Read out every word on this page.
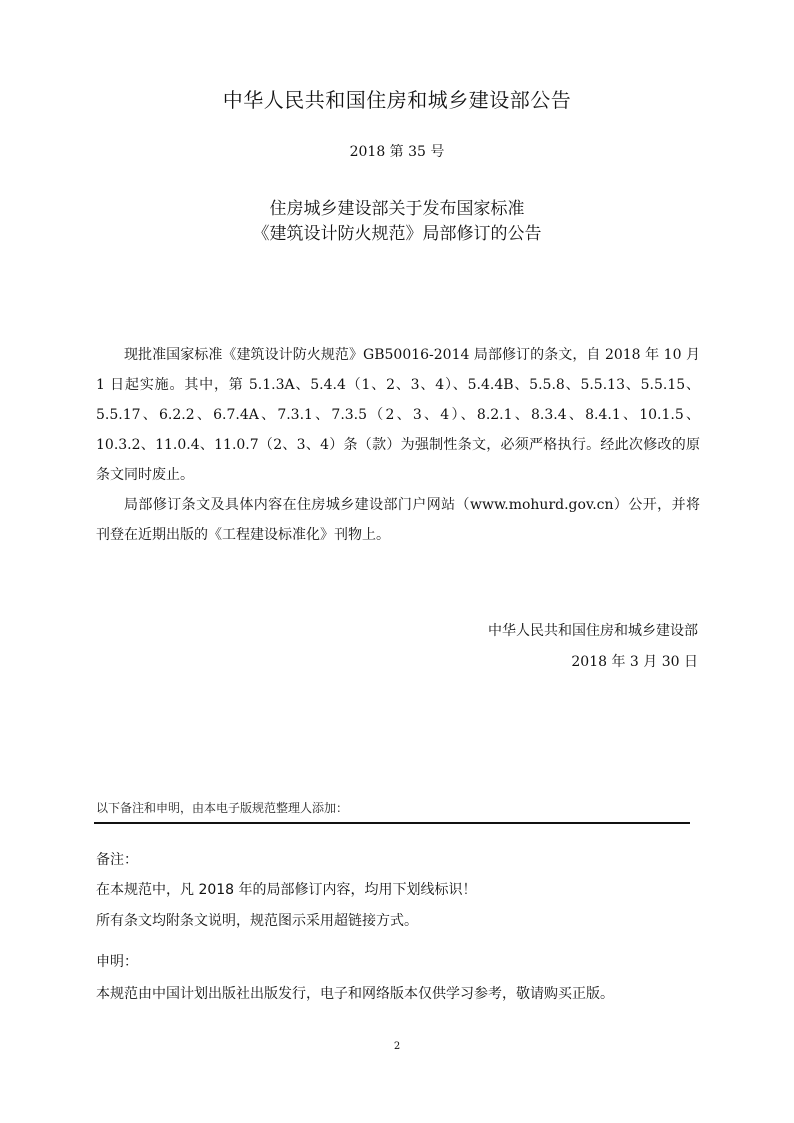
中华人民共和国住房和城乡建设部公告
2018 第 35 号
住房城乡建设部关于发布国家标准
《建筑设计防火规范》局部修订的公告

现批准国家标准《建筑设计防火规范》GB50016-2014 局部修订的条文，自 2018 年 10 月 1 日起实施。其中，第 5.1.3A、5.4.4（1、2、3、4）、5.4.4B、5.5.8、5.5.13、5.5.15、5.5.17、6.2.2、6.7.4A、7.3.1、7.3.5（2、3、4）、8.2.1、8.3.4、8.4.1、10.1.5、10.3.2、11.0.4、11.0.7（2、3、4）条（款）为强制性条文，必须严格执行。经此次修改的原条文同时废止。

局部修订条文及具体内容在住房城乡建设部门户网站（www.mohurd.gov.cn）公开，并将刊登在近期出版的《工程建设标准化》刊物上。

中华人民共和国住房和城乡建设部
2018 年 3 月 30 日
以下备注和申明，由本电子版规范整理人添加：
备注：
在本规范中，凡 2018 年的局部修订内容，均用下划线标识！
所有条文均附条文说明，规范图示采用超链接方式。
申明：
本规范由中国计划出版社出版发行，电子和网络版本仅供学习参考，敬请购买正版。
2
